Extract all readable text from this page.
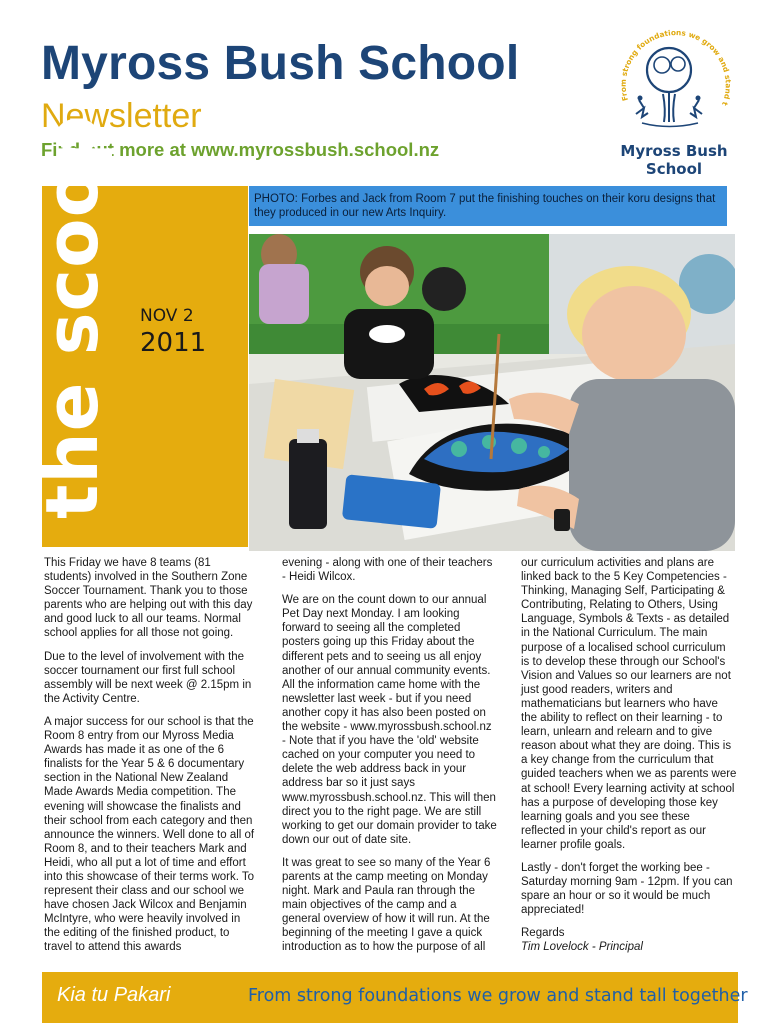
Myross Bush School
Newsletter
Find out more at www.myrossbush.school.nz
From strong foundations we grow and stand t
Myross Bush
School
the scoop NOV 2
2011
PHOTO: Forbes and Jack from Room 7 put the finishing touches on their koru designs that they produced in our new Arts Inquiry.

This Friday we have 8 teams (81 students) involved in the Southern Zone Soccer Tournament. Thank you to those parents who are helping out with this day and good luck to all our teams. Normal school applies for all those not going.

Due to the level of involvement with the soccer tournament our first full school assembly will be next week @ 2.15pm in the Activity Centre.

A major success for our school is that the Room 8 entry from our Myross Media Awards has made it as one of the 6 finalists for the Year 5 & 6 documentary section in the National New Zealand Made Awards Media competition. The evening will showcase the finalists and their school from each category and then announce the winners. Well done to all of Room 8, and to their teachers Mark and Heidi, who all put a lot of time and effort into this showcase of their terms work. To represent their class and our school we have chosen Jack Wilcox and Benjamin McIntyre, who were heavily involved in the editing of the finished product, to travel to attend this awards

evening - along with one of their teachers - Heidi Wilcox.

We are on the count down to our annual Pet Day next Monday. I am looking forward to seeing all the completed posters going up this Friday about the different pets and to seeing us all enjoy another of our annual community events. All the information came home with the newsletter last week - but if you need another copy it has also been posted on the website - www.myrossbush.school.nz - Note that if you have the 'old' website cached on your computer you need to delete the web address back in your address bar so it just says www.myrossbush.school.nz. This will then direct you to the right page. We are still working to get our domain provider to take down our out of date site.

It was great to see so many of the Year 6 parents at the camp meeting on Monday night. Mark and Paula ran through the main objectives of the camp and a general overview of how it will run. At the beginning of the meeting I gave a quick introduction as to how the purpose of all

our curriculum activities and plans are linked back to the 5 Key Competencies - Thinking, Managing Self, Participating & Contributing, Relating to Others, Using Language, Symbols & Texts - as detailed in the National Curriculum. The main purpose of a localised school curriculum is to develop these through our School's Vision and Values so our learners are not just good readers, writers and mathematicians but learners who have the ability to reflect on their learning - to learn, unlearn and relearn and to give reason about what they are doing. This is a key change from the curriculum that guided teachers when we as parents were at school! Every learning activity at school has a purpose of developing those key learning goals and you see these reflected in your child's report as our learner profile goals.

Lastly - don't forget the working bee - Saturday morning 9am - 12pm. If you can spare an hour or so it would be much appreciated!

Regards
Tim Lovelock - Principal
Kia tu Pakari	From strong foundations we grow and stand tall together
